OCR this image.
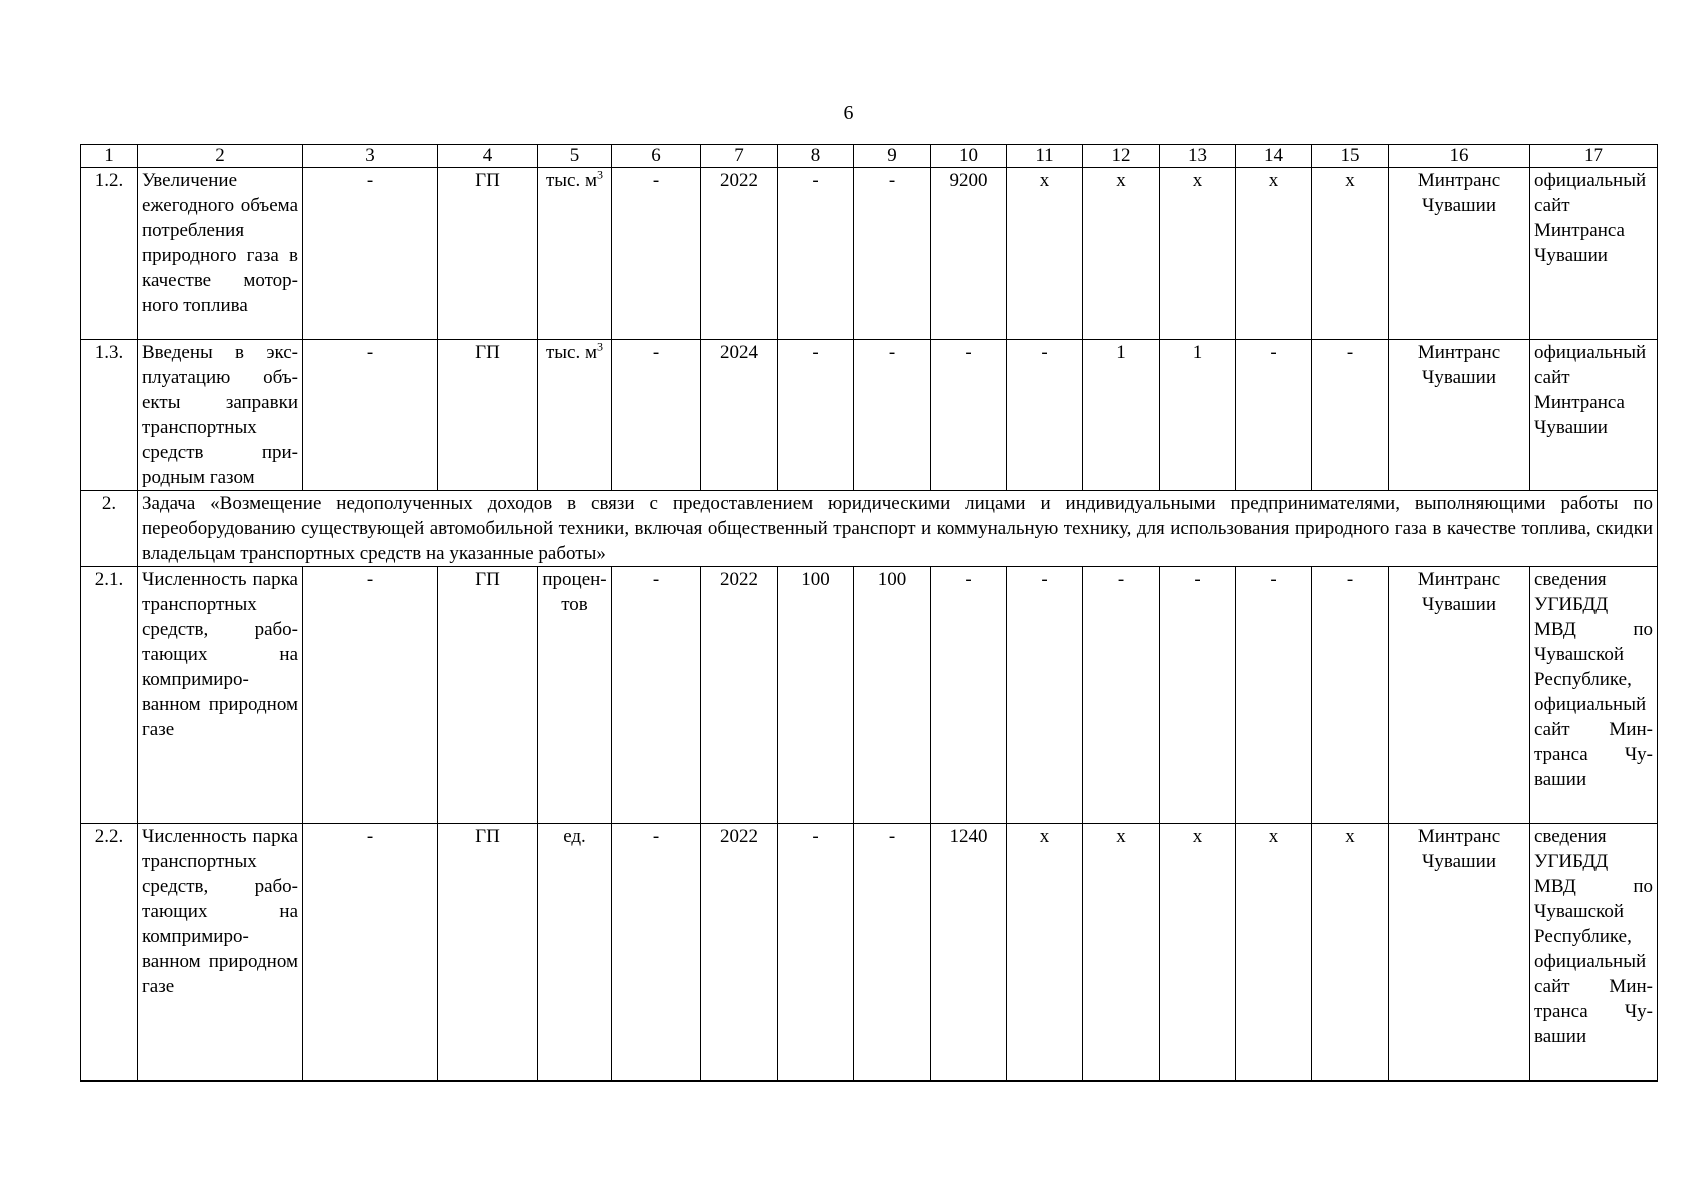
6
1	2	3	4	5	6	7	8	9	10	11	12	13	14	15	16	17
1.2.	Увеличение ежегодного объема потребления природного газа в качестве моторного топлива	-	ГП	тыс. $м^3$	-	2022	-	-	9200	х	х	х	х	х	Минтранс Чувашии	официальный сайт Минтранса Чувашии
1.3.	Введены в эксплуатацию объекты заправки транспортных средств природным газом	-	ГП	тыс. $м^3$	-	2024	-	-	-	-	1	1	-	-	Минтранс Чувашии	официальный сайт Минтранса Чувашии
2.	Задача «Возмещение недополученных доходов в связи с предоставлением юридическими лицами и индивидуальными предпринимателями, выполняющими работы по переоборудованию существующей автомобильной техники, включая общественный транспорт и коммунальную технику, для использования природного газа в качестве топлива, скидки владельцам транспортных средств на указанные работы»															
2.1.	Численность парка транспортных средств, работающих на компримированном природном газе	-	ГП	процентов	-	2022	100	100	-	-	-	-	-	-	Минтранс Чувашии	сведения УГИБДД МВД по Чувашской Республике, официальный сайт Минтранса Чувашии
2.2.	Численность парка транспортных средств, работающих на компримированном природном газе	-	ГП	ед.	-	2022	-	-	1240	х	х	х	х	х	Минтранс Чувашии	сведения УГИБДД МВД по Чувашской Республике, официальный сайт Минтранса Чувашии
